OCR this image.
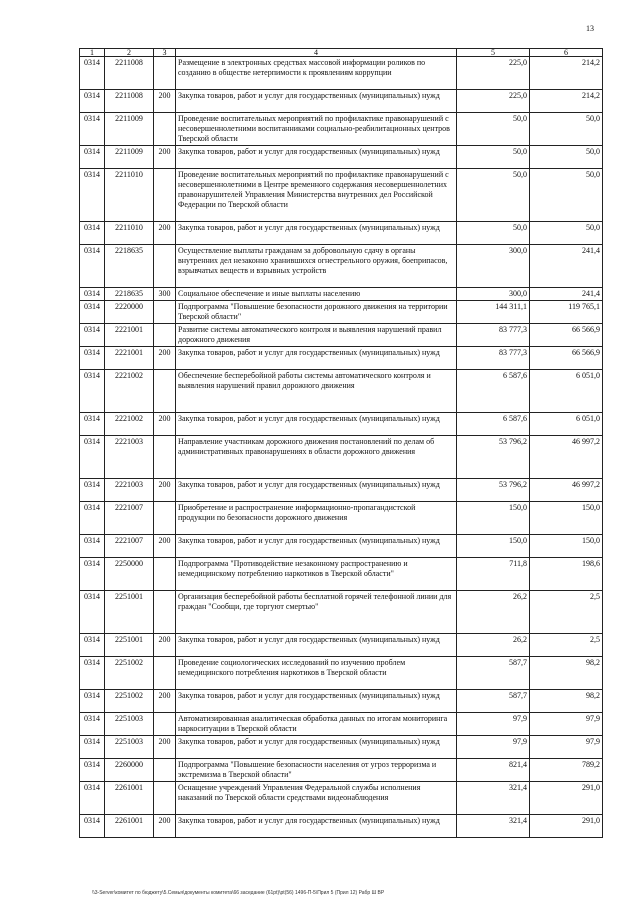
13
1	2	3	4	5	6
0314	2211008		Размещение в электронных средствах массовой информации роликов по созданию в обществе нетерпимости к проявлениям коррупции	225,0	214,2
0314	2211008	200	Закупка товаров, работ и услуг для государственных (муниципальных) нужд	225,0	214,2
0314	2211009		Проведение воспитательных мероприятий по профилактике правонарушений с несовершеннолетними воспитанниками социально-реабилитационных центров Тверской области	50,0	50,0
0314	2211009	200	Закупка товаров, работ и услуг для государственных (муниципальных) нужд	50,0	50,0
0314	2211010		Проведение воспитательных мероприятий по профилактике правонарушений с несовершеннолетними в Центре временного содержания несовершеннолетних правонарушителей Управления Министерства внутренних дел Российской Федерации по Тверской области	50,0	50,0
0314	2211010	200	Закупка товаров, работ и услуг для государственных (муниципальных) нужд	50,0	50,0
0314	2218635		Осуществление выплаты гражданам за добровольную сдачу в органы внутренних дел незаконно хранившихся огнестрельного оружия, боеприпасов, взрывчатых веществ и взрывных устройств	300,0	241,4
0314	2218635	300	Социальное обеспечение и иные выплаты населению	300,0	241,4
0314	2220000		Подпрограмма "Повышение безопасности дорожного движения на территории Тверской области"	144 311,1	119 765,1
0314	2221001		Развитие системы автоматического контроля и выявления нарушений правил дорожного движения	83 777,3	66 566,9
0314	2221001	200	Закупка товаров, работ и услуг для государственных (муниципальных) нужд	83 777,3	66 566,9
0314	2221002		Обеспечение бесперебойной работы системы автоматического контроля и выявления нарушений правил дорожного движения	6 587,6	6 051,0
0314	2221002	200	Закупка товаров, работ и услуг для государственных (муниципальных) нужд	6 587,6	6 051,0
0314	2221003		Направление участникам дорожного движения постановлений по делам об административных правонарушениях в области дорожного движения	53 796,2	46 997,2
0314	2221003	200	Закупка товаров, работ и услуг для государственных (муниципальных) нужд	53 796,2	46 997,2
0314	2221007		Приобретение и распространение информационно-пропагандистской продукции по безопасности дорожного движения	150,0	150,0
0314	2221007	200	Закупка товаров, работ и услуг для государственных (муниципальных) нужд	150,0	150,0
0314	2250000		Подпрограмма "Противодействие незаконному распространению и немедицинскому потреблению наркотиков в Тверской области"	711,8	198,6
0314	2251001		Организация бесперебойной работы бесплатной горячей телефонной линии для граждан "Сообщи, где торгуют смертью"	26,2	2,5
0314	2251001	200	Закупка товаров, работ и услуг для государственных (муниципальных) нужд	26,2	2,5
0314	2251002		Проведение социологических исследований по изучению проблем немедицинского потребления наркотиков в Тверской области	587,7	98,2
0314	2251002	200	Закупка товаров, работ и услуг для государственных (муниципальных) нужд	587,7	98,2
0314	2251003		Автоматизированная аналитическая обработка данных по итогам мониторинга наркоситуации в Тверской области	97,9	97,9
0314	2251003	200	Закупка товаров, работ и услуг для государственных (муниципальных) нужд	97,9	97,9
0314	2260000		Подпрограмма "Повышение безопасности населения от угроз терроризма и экстремизма в Тверской области"	821,4	789,2
0314	2261001		Оснащение учреждений Управления Федеральной службы исполнения наказаний по Тверской области средствами видеонаблюдения	321,4	291,0
0314	2261001	200	Закупка товаров, работ и услуг для государственных (муниципальных) нужд	321,4	291,0
\\3-Server\комитет по бюджету\5.Семья\документы комитета\66 заседание (61pt)\pt(56) 1496-П-5\Прил 5 (Прил 12) Рабр Ш ВР
